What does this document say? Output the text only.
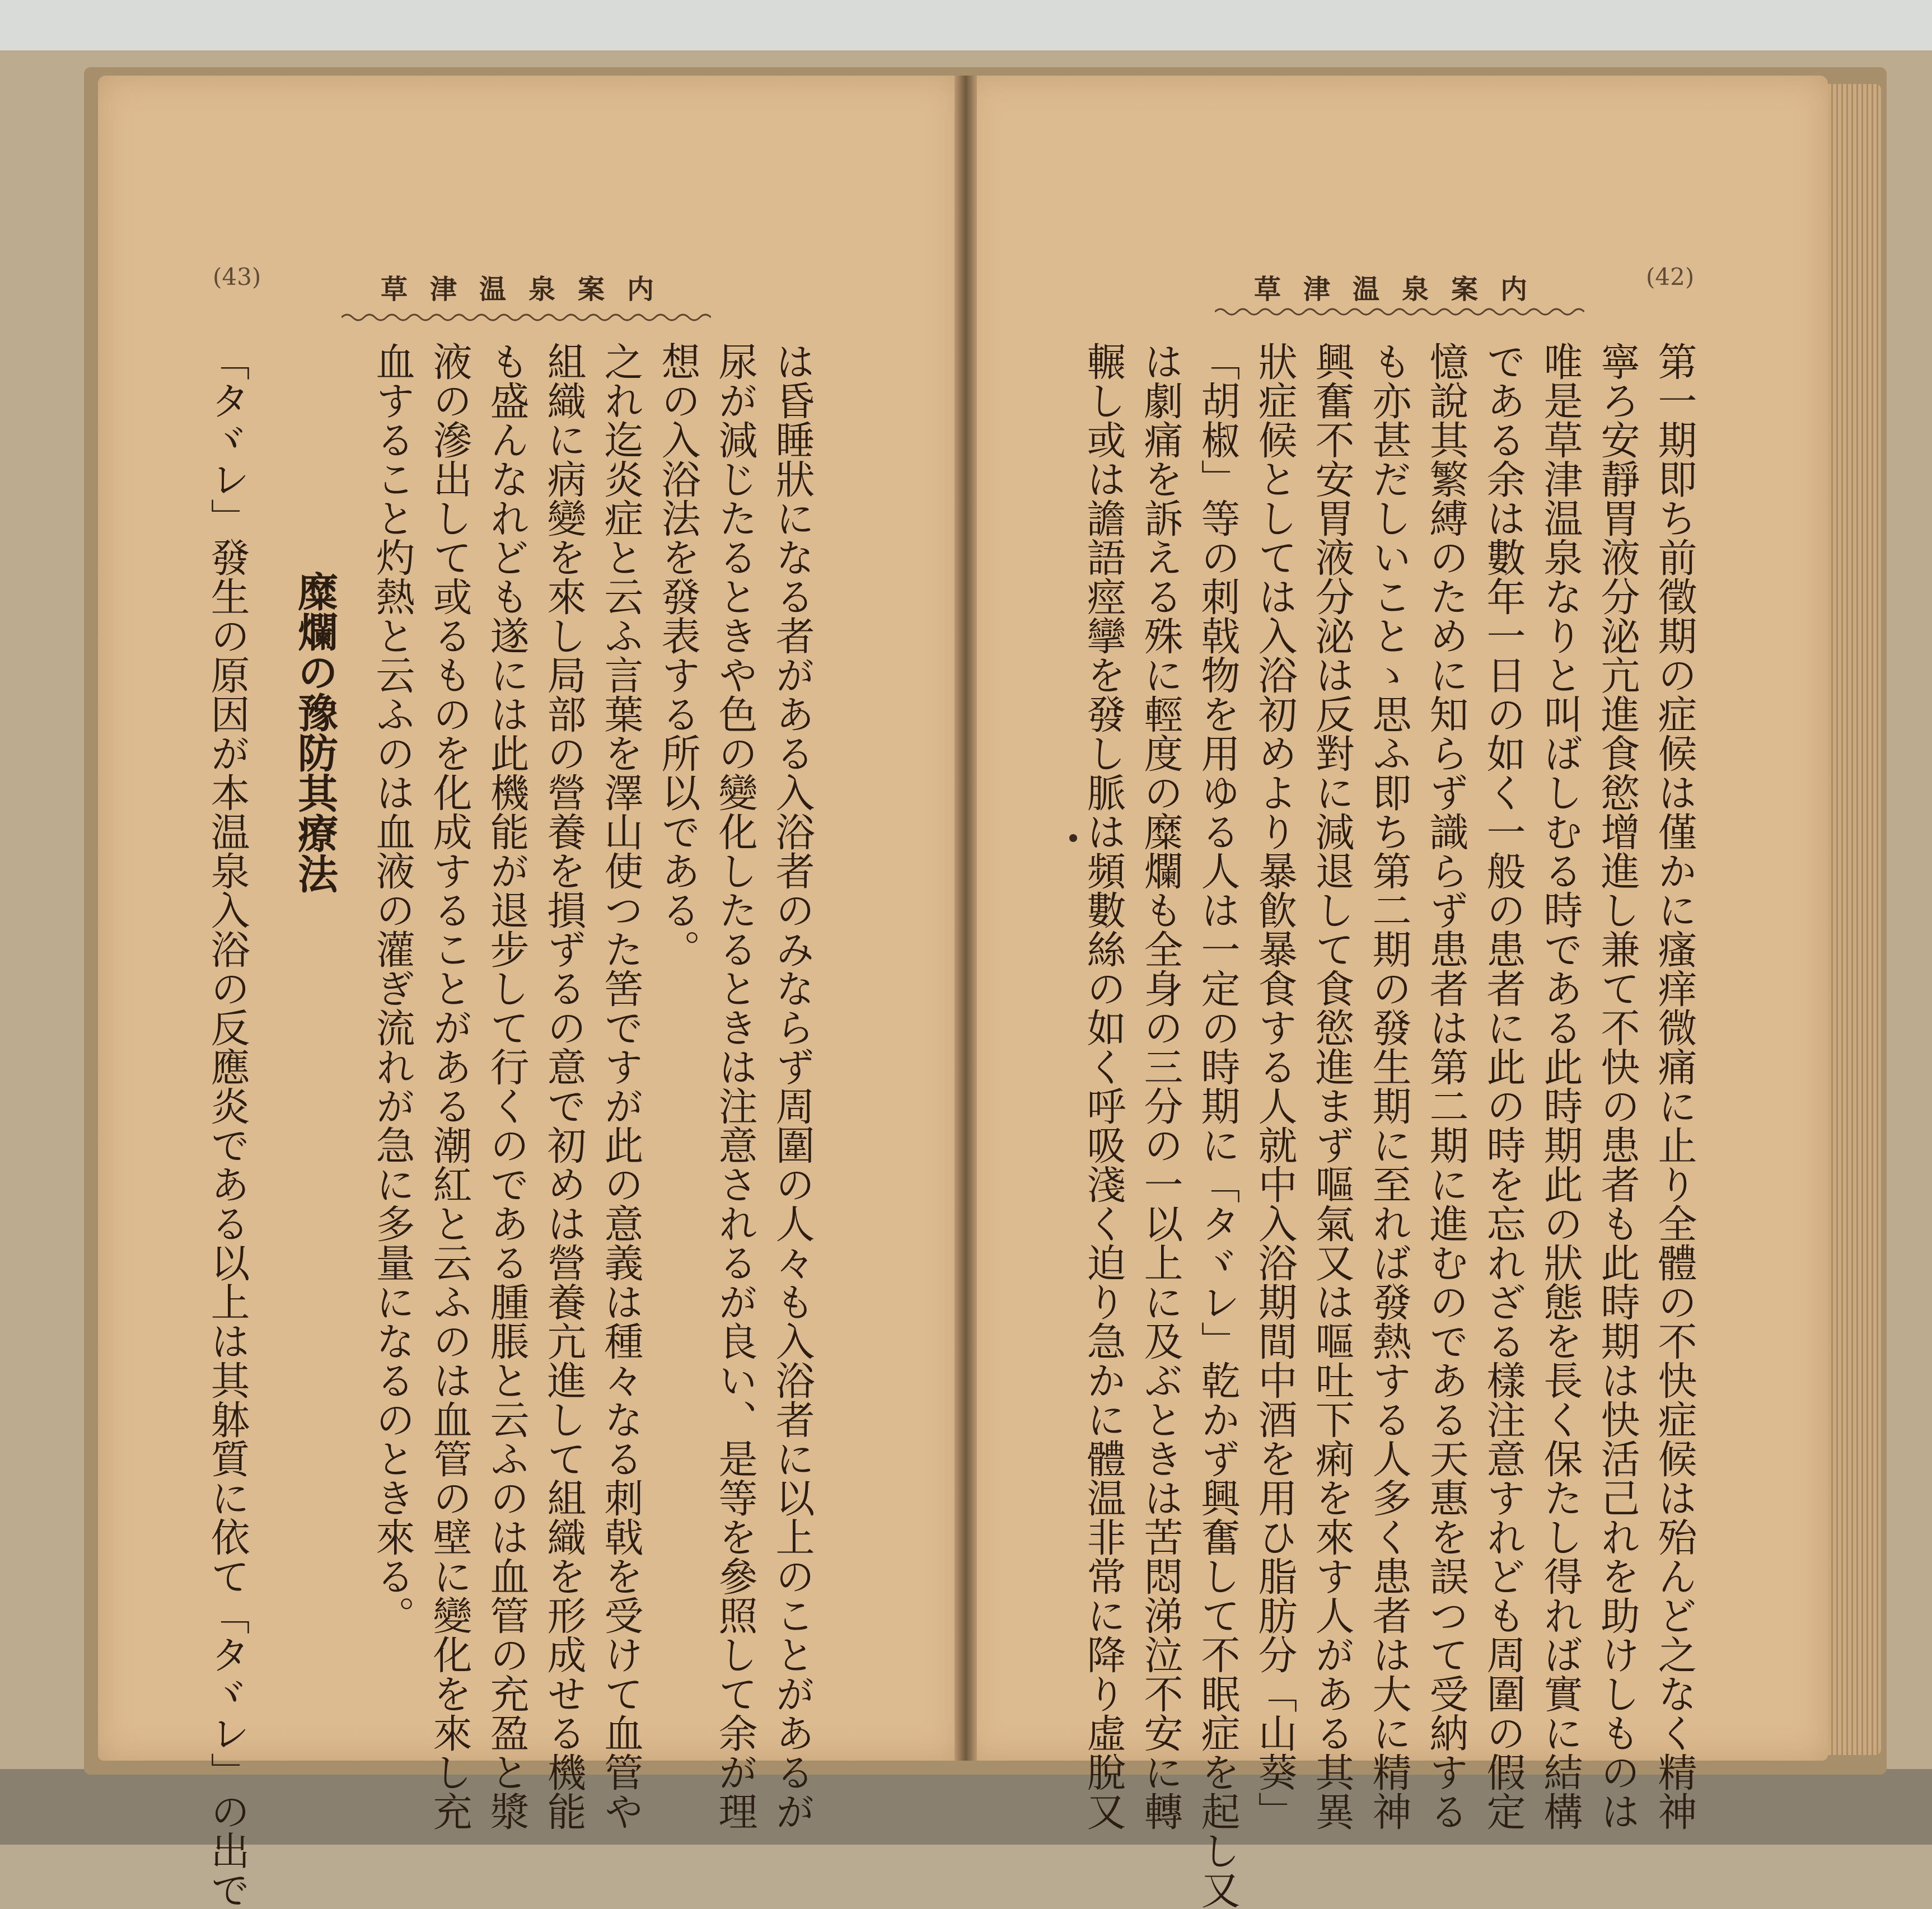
(43)	草津温泉案内
は昏睡狀になる者がある入浴者のみならず周圍の人々も入浴者に以上のことがあるが
尿が減じたるときや色の變化したるときは注意されるが良い、是等を參照して余が理
想の入浴法を發表する所以である。
之れ迄炎症と云ふ言葉を澤山使つた筈ですが此の意義は種々なる刺戟を受けて血管や
組織に病變を來し局部の營養を損ずるの意で初めは營養亢進して組織を形成せる機能
も盛んなれども遂には此機能が退步して行くのである腫脹と云ふのは血管の充盈と漿
液の滲出して或るものを化成することがある潮紅と云ふのは血管の壁に變化を來し充
血すること灼熱と云ふのは血液の灌ぎ流れが急に多量になるのとき來る。
糜爛の豫防其療法
「タヾレ」發生の原因が本温泉入浴の反應炎である以上は其躰質に依て「タヾレ」の出で
(42)
草津温泉案内
第一期即ち前徵期の症候は僅かに瘙痒微痛に止り全體の不快症候は殆んど之なく精神
寧ろ安靜胃液分泌亢進食慾增進し兼て不快の患者も此時期は快活己れを助けしものは
唯是草津温泉なりと叫ばしむる時である此時期此の狀態を長く保たし得れば實に結構
である余は數年一日の如く一般の患者に此の時を忘れざる樣注意すれども周圍の假定
憶說其繁縛のために知らず識らず患者は第二期に進むのである天惠を誤つて受納する
も亦甚だしいことゝ思ふ即ち第二期の發生期に至れば發熱する人多く患者は大に精神
興奮不安胃液分泌は反對に減退して食慾進まず嘔氣又は嘔吐下痢を來す人がある其異
狀症候としては入浴初めより暴飮暴食する人就中入浴期間中酒を用ひ脂肪分「山葵」
「胡椒」等の刺戟物を用ゆる人は一定の時期に「タヾレ」乾かず興奮して不眠症を起し又
は劇痛を訴える殊に輕度の糜爛も全身の三分の一以上に及ぶときは苦悶涕泣不安に轉
輾し或は譫語痙攣を發し脈は頻數絲の如く呼吸淺く迫り急かに體温非常に降り虛脫又
